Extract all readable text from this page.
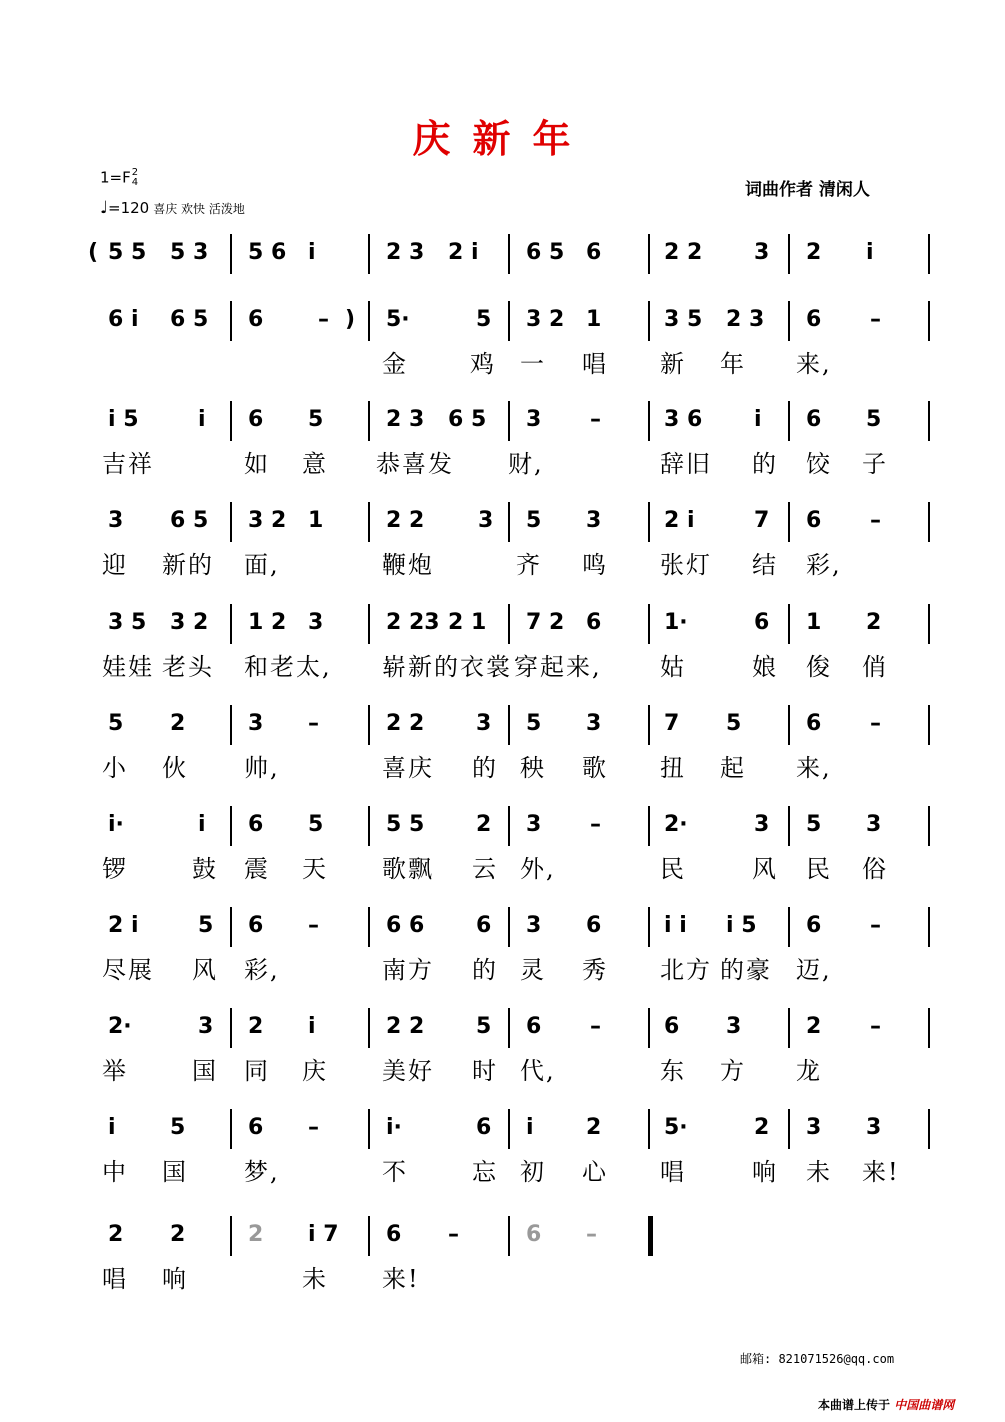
庆新年
1=F 2
4
♩=120 喜庆 欢快 活泼地
词曲作者 清闲人
( 5 5 5 3 5 6 i	2 3 2 i 6 5 6	2 2 3 2 i
6 i 6 5 6 – ) 5·	5 3 2 1	3 5 2 3 6 –
金	鸡 一 唱 新 年 来,
i 5	i 6 5	2 3 6 5 3 –	3 6 i 6 5
吉祥	如 意 恭喜发 财,	辞旧 的 饺 子
3 6 5 3 2 1	2 2 3 5 3	2 i	7 6 –
迎 新的 面,	鞭炮	齐 鸣 张灯 结 彩,
3 5 3 2 1 2 3	2 23 2 1 7 2 6	1·	6 1 2
娃娃 老头 和老太, 崭新的衣裳 穿起来, 姑	娘 俊 俏
5 2	3 –	2 2 3 5 3	7 5	6 –
小 伙 帅,	喜庆 的 秧 歌 扭 起 来,
i·	i 6 5	5 5 2 3 –	2·	3 5 3
锣	鼓 震 天 歌飘 云 外,	民	风 民 俗
2 i	5 6 –	6 6 6 3 6	i i i 5 6 –
尽展 风 彩,	南方 的 灵 秀 北方 的豪 迈,
2·	3 2 i	2 2 5 6 –	6 3	2 –
举	国 同 庆 美好 时 代,	东 方 龙
i 5	6 –	i·	6 i 2	5·	2 3 3
中 国 梦,	不	忘 初 心 唱	响 未 来!
2 2	2 i 7 6 –	6 –
唱 响	未 来!
邮箱: 821071526@qq.com
本曲谱上传于 中国曲谱网
